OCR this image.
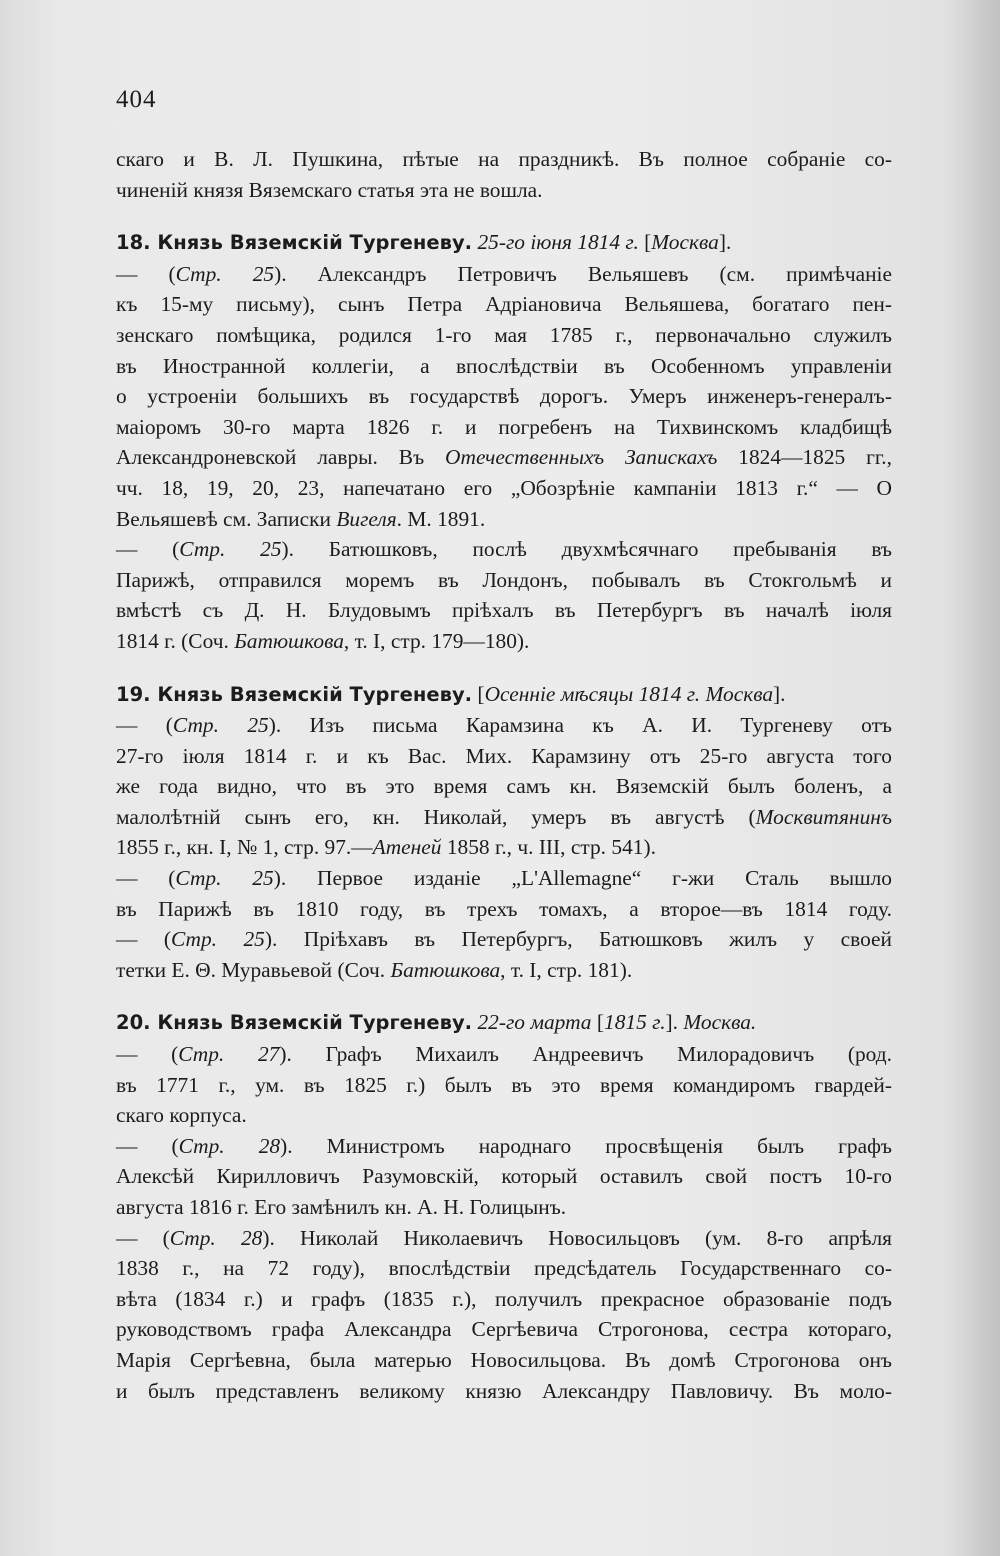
404
скаго и В. Л. Пушкина, пѣтые на праздникѣ. Въ полное собраніе со-
чиненій князя Вяземскаго статья эта не вошла.
18. Князь Вяземскій Тургеневу. 25-го іюня 1814 г. [Москва].
— (Стр. 25). Александръ Петровичъ Вельяшевъ (см. примѣчаніе
къ 15-му письму), сынъ Петра Адріановича Вельяшева, богатаго пен-
зенскаго помѣщика, родился 1-го мая 1785 г., первоначально служилъ
въ Иностранной коллегіи, а впослѣдствіи въ Особенномъ управленіи
о устроеніи большихъ въ государствѣ дорогъ. Умеръ инженеръ-генералъ-
маіоромъ 30-го марта 1826 г. и погребенъ на Тихвинскомъ кладбищѣ
Александроневской лавры. Въ Отечественныхъ Запискахъ 1824—1825 гг.,
чч. 18, 19, 20, 23, напечатано его „Обозрѣніе кампаніи 1813 г.“ — О
Вельяшевѣ см. Записки Вигеля. М. 1891.
— (Стр. 25). Батюшковъ, послѣ двухмѣсячнаго пребыванія въ
Парижѣ, отправился моремъ въ Лондонъ, побывалъ въ Стокгольмѣ и
вмѣстѣ съ Д. Н. Блудовымъ пріѣхалъ въ Петербургъ въ началѣ іюля
1814 г. (Соч. Батюшкова, т. I, стр. 179—180).
19. Князь Вяземскій Тургеневу. [Осенніе мѣсяцы 1814 г. Москва].
— (Стр. 25). Изъ письма Карамзина къ А. И. Тургеневу отъ
27-го іюля 1814 г. и къ Вас. Мих. Карамзину отъ 25-го августа того
же года видно, что въ это время самъ кн. Вяземскій былъ боленъ, а
малолѣтній сынъ его, кн. Николай, умеръ въ августѣ (Москвитянинъ
1855 г., кн. I, № 1, стр. 97.—Атеней 1858 г., ч. III, стр. 541).
— (Стр. 25). Первое изданіе „L'Allemagne“ г-жи Сталь вышло
въ Парижѣ въ 1810 году, въ трехъ томахъ, а второе—въ 1814 году.
— (Стр. 25). Пріѣхавъ въ Петербургъ, Батюшковъ жилъ у своей
тетки Е. Θ. Муравьевой (Соч. Батюшкова, т. I, стр. 181).
20. Князь Вяземскій Тургеневу. 22-го марта [1815 г.]. Москва.
— (Стр. 27). Графъ Михаилъ Андреевичъ Милорадовичъ (род.
въ 1771 г., ум. въ 1825 г.) былъ въ это время командиромъ гвардей-
скаго корпуса.
— (Стр. 28). Министромъ народнаго просвѣщенія былъ графъ
Алексѣй Кирилловичъ Разумовскій, который оставилъ свой постъ 10-го
августа 1816 г. Его замѣнилъ кн. А. Н. Голицынъ.
— (Стр. 28). Николай Николаевичъ Новосильцовъ (ум. 8-го апрѣля
1838 г., на 72 году), впослѣдствіи предсѣдатель Государственнаго со-
вѣта (1834 г.) и графъ (1835 г.), получилъ прекрасное образованіе подъ
руководствомъ графа Александра Сергѣевича Строгонова, сестра котораго,
Марія Сергѣевна, была матерью Новосильцова. Въ домѣ Строгонова онъ
и былъ представленъ великому князю Александру Павловичу. Въ моло-
